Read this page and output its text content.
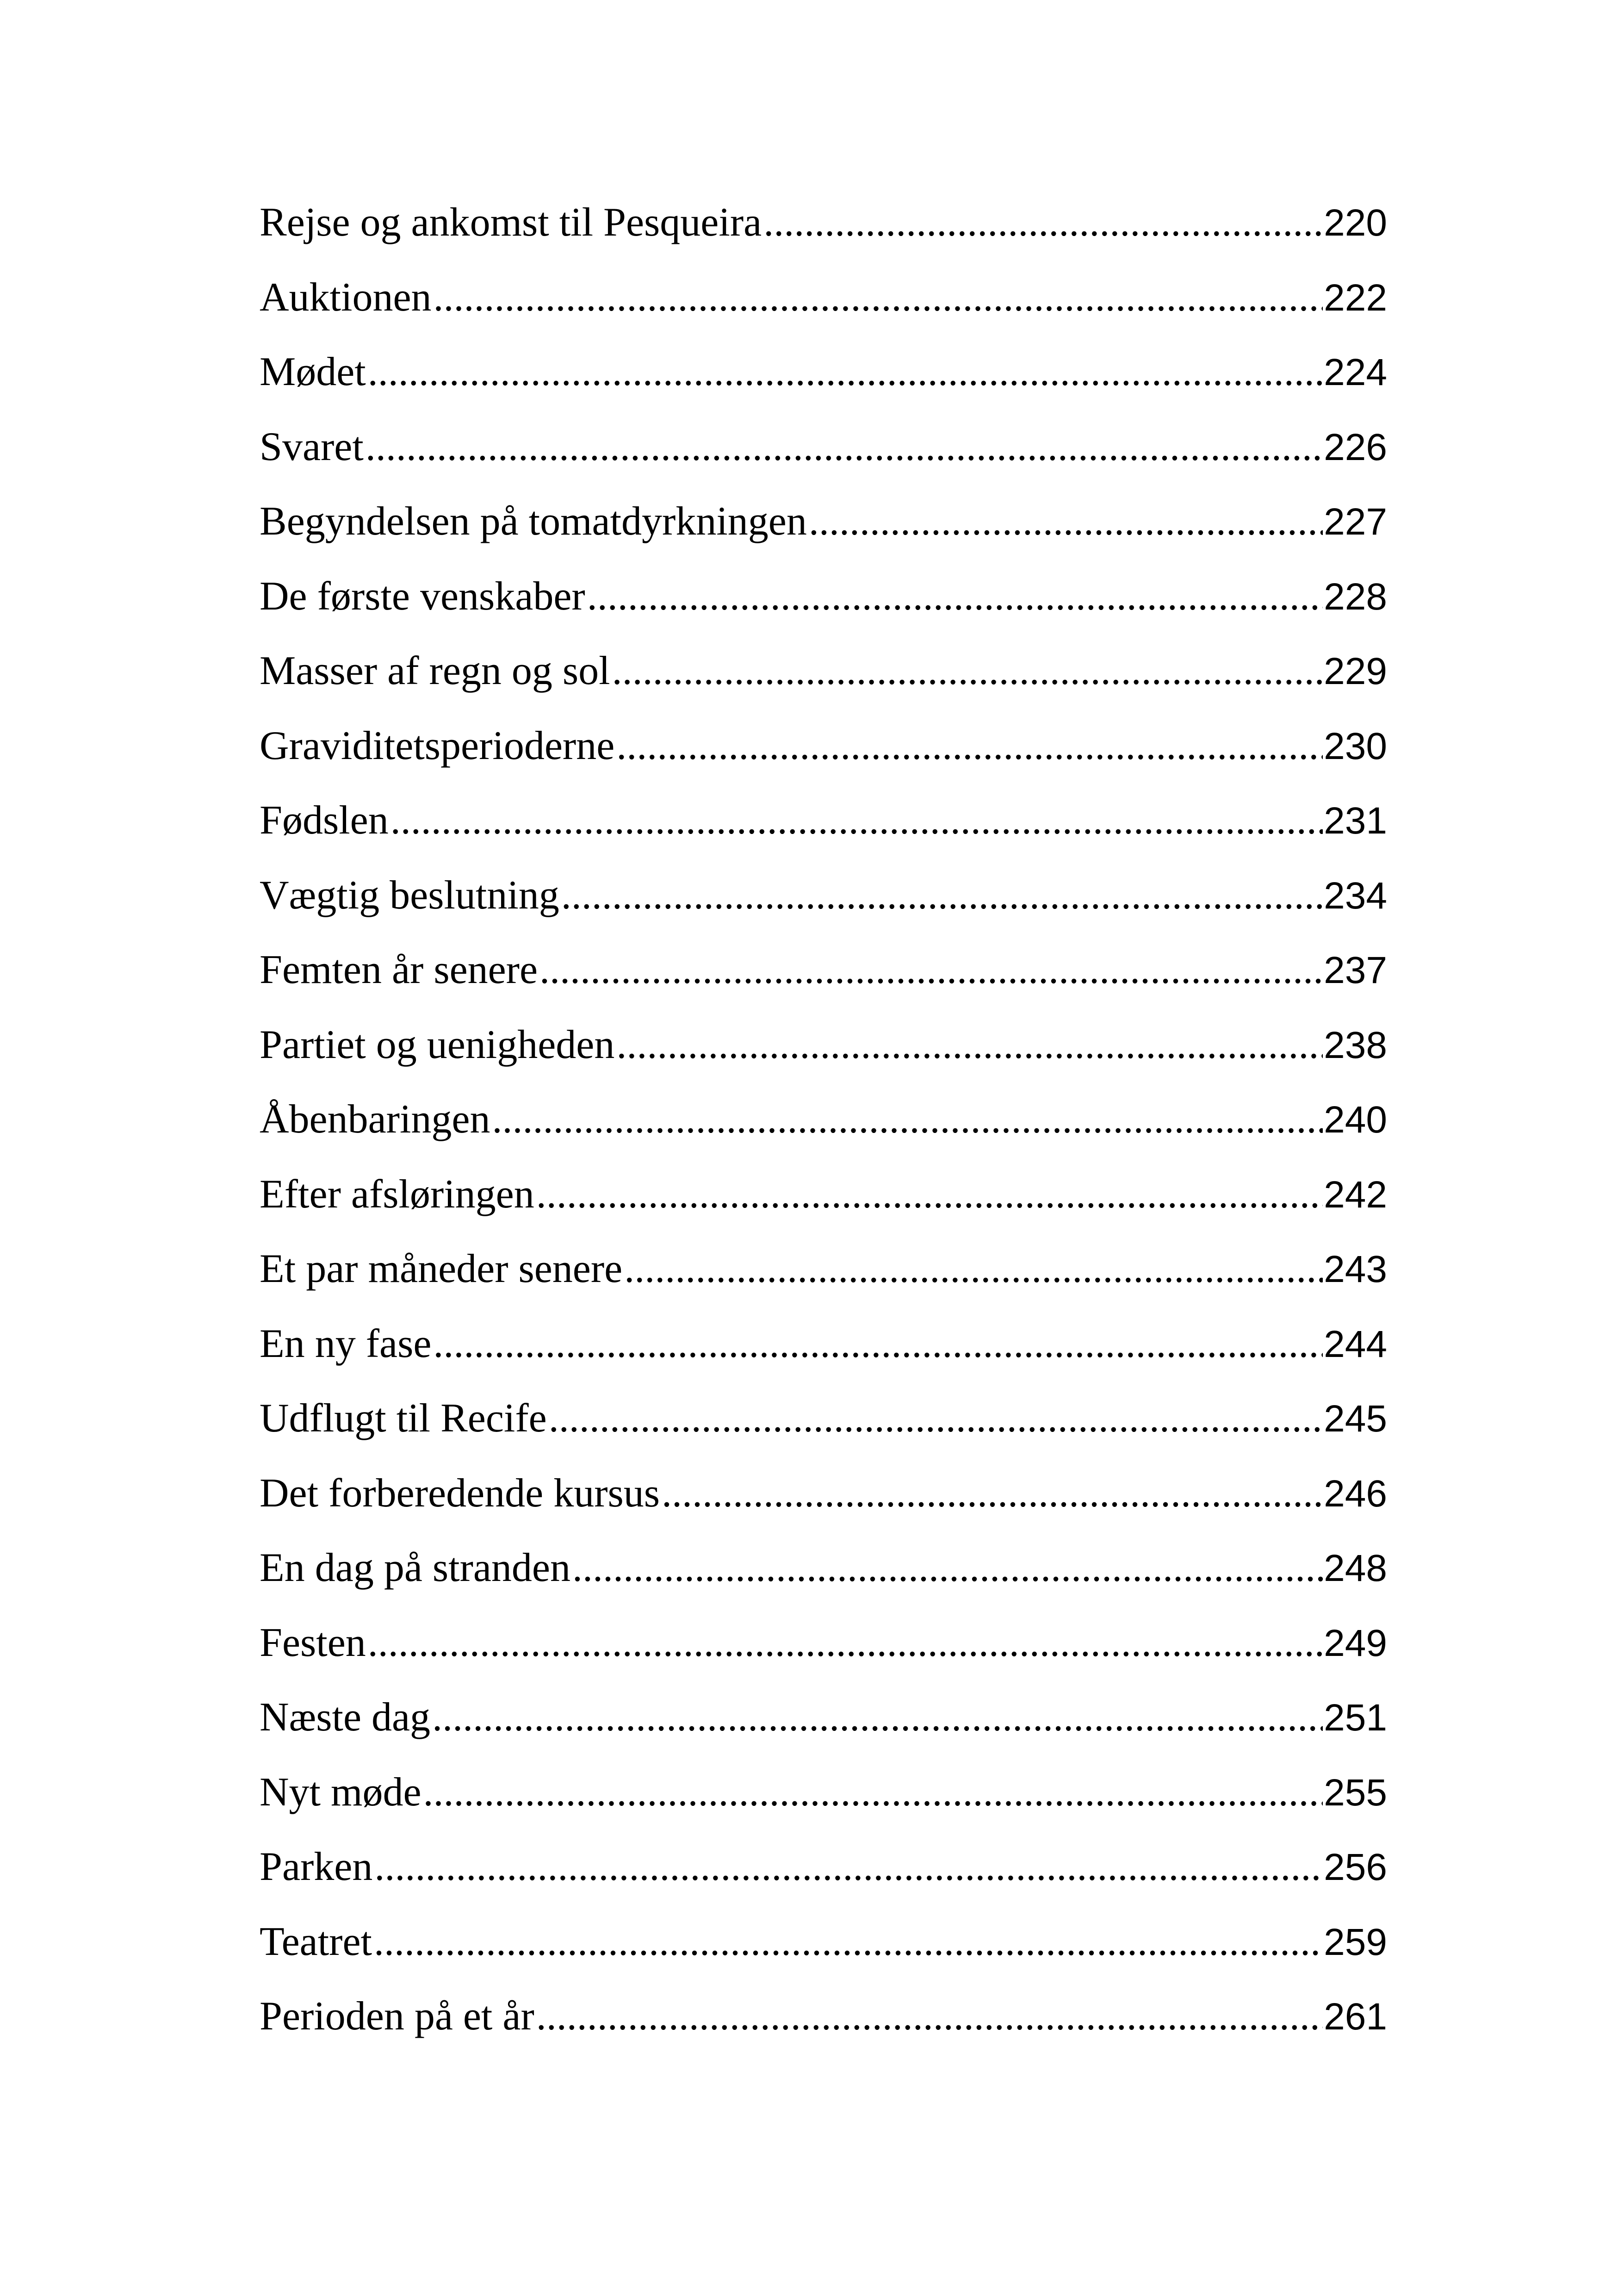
Rejse og ankomst til Pesqueira .....	220
Auktionen .....	222
Mødet .....	224
Svaret .....	226
Begyndelsen på tomatdyrkningen .....	227
De første venskaber .....	228
Masser af regn og sol .....	229
Graviditetsperioderne .....	230
Fødslen .....	231
Vægtig beslutning .....	234
Femten år senere .....	237
Partiet og uenigheden .....	238
Åbenbaringen .....	240
Efter afsløringen .....	242
Et par måneder senere .....	243
En ny fase .....	244
Udflugt til Recife .....	245
Det forberedende kursus .....	246
En dag på stranden .....	248
Festen .....	249
Næste dag .....	251
Nyt møde .....	255
Parken .....	256
Teatret .....	259
Perioden på et år .....	261
